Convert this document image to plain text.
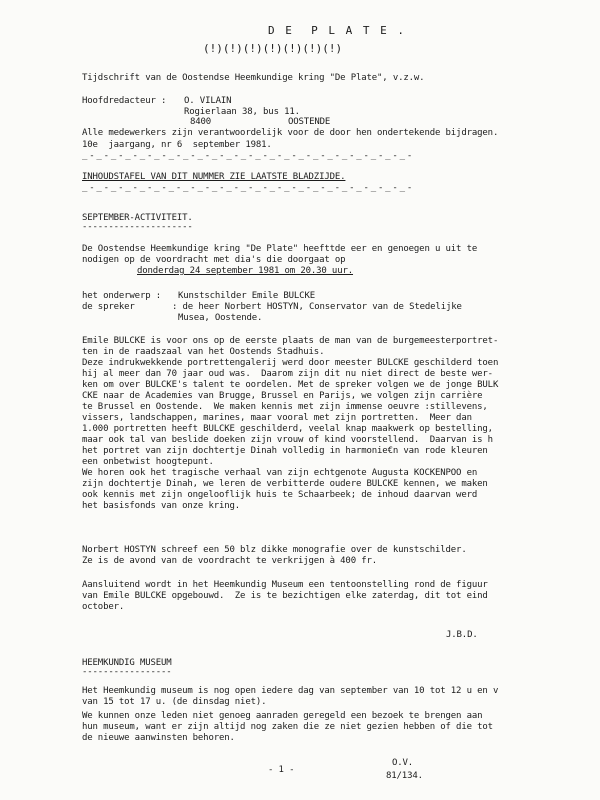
D E  P L A T E .
(!)(!)(!)(!)(!)(!)(!)
Tijdschrift van de Oostendse Heemkundige kring "De Plate", v.z.w.
Hoofdredacteur : O. VILAIN
Rogierlaan 38, bus 11.
8400	OOSTENDE
Alle medewerkers zijn verantwoordelijk voor de door hen ondertekende bijdragen.
10e  jaargang, nr 6  september 1981.
_-_-_-_-_-_-_-_-_-_-_-_-_-_-_-_-_-_-_-_-_-_-_-
INHOUDSTAFEL VAN DIT NUMMER ZIE LAATSTE BLADZIJDE.
_-_-_-_-_-_-_-_-_-_-_-_-_-_-_-_-_-_-_-_-_-_-_-
SEPTEMBER-ACTIVITEIT.
---------------------
De Oostendse Heemkundige kring "De Plate" heefttde eer en genoegen u uit te
nodigen op de voordracht met dia's die doorgaat op
donderdag 24 september 1981 om 20.30 uur.
het onderwerp : Kunstschilder Emile BULCKE
de spreker	: de heer Norbert HOSTYN, Conservator van de Stedelijke
Musea, Oostende.
Emile BULCKE is voor ons op de eerste plaats de man van de burgemeesterportret-
ten in de raadszaal van het Oostends Stadhuis.
Deze indrukwekkende portrettengalerij werd door meester BULCKE geschilderd toen
hij al meer dan 70 jaar oud was.  Daarom zijn dit nu niet direct de beste wer-
ken om over BULCKE's talent te oordelen. Met de spreker volgen we de jonge BULK
CKE naar de Academies van Brugge, Brussel en Parijs, we volgen zijn carrière
te Brussel en Oostende.  We maken kennis met zijn immense oeuvre :stillevens,
vissers, landschappen, marines, maar vooral met zijn portretten.  Meer dan
1.000 portretten heeft BULCKE geschilderd, veelal knap maakwerk op bestelling,
maar ook tal van beslide doeken zijn vrouw of kind voorstellend.  Daarvan is h
het portret van zijn dochtertje Dinah volledig in harmonie€n van rode kleuren
een onbetwist hoogtepunt.
We horen ook het tragische verhaal van zijn echtgenote Augusta KOCKENPOO en
zijn dochtertje Dinah, we leren de verbitterde oudere BULCKE kennen, we maken
ook kennis met zijn ongelooflijk huis te Schaarbeek; de inhoud daarvan werd
het basisfonds van onze kring.
Norbert HOSTYN schreef een 50 blz dikke monografie over de kunstschilder.
Ze is de avond van de voordracht te verkrijgen à 400 fr.
Aansluitend wordt in het Heemkundig Museum een tentoonstelling rond de figuur
van Emile BULCKE opgebouwd.  Ze is te bezichtigen elke zaterdag, dit tot eind
october.
J.B.D.
HEEMKUNDIG MUSEUM
-----------------
Het Heemkundig museum is nog open iedere dag van september van 10 tot 12 u en v
van 15 tot 17 u. (de dinsdag niet).
We kunnen onze leden niet genoeg aanraden geregeld een bezoek te brengen aan
hun museum, want er zijn altijd nog zaken die ze niet gezien hebben of die tot
de nieuwe aanwinsten behoren.
- 1 -
O.V.
81/134.
